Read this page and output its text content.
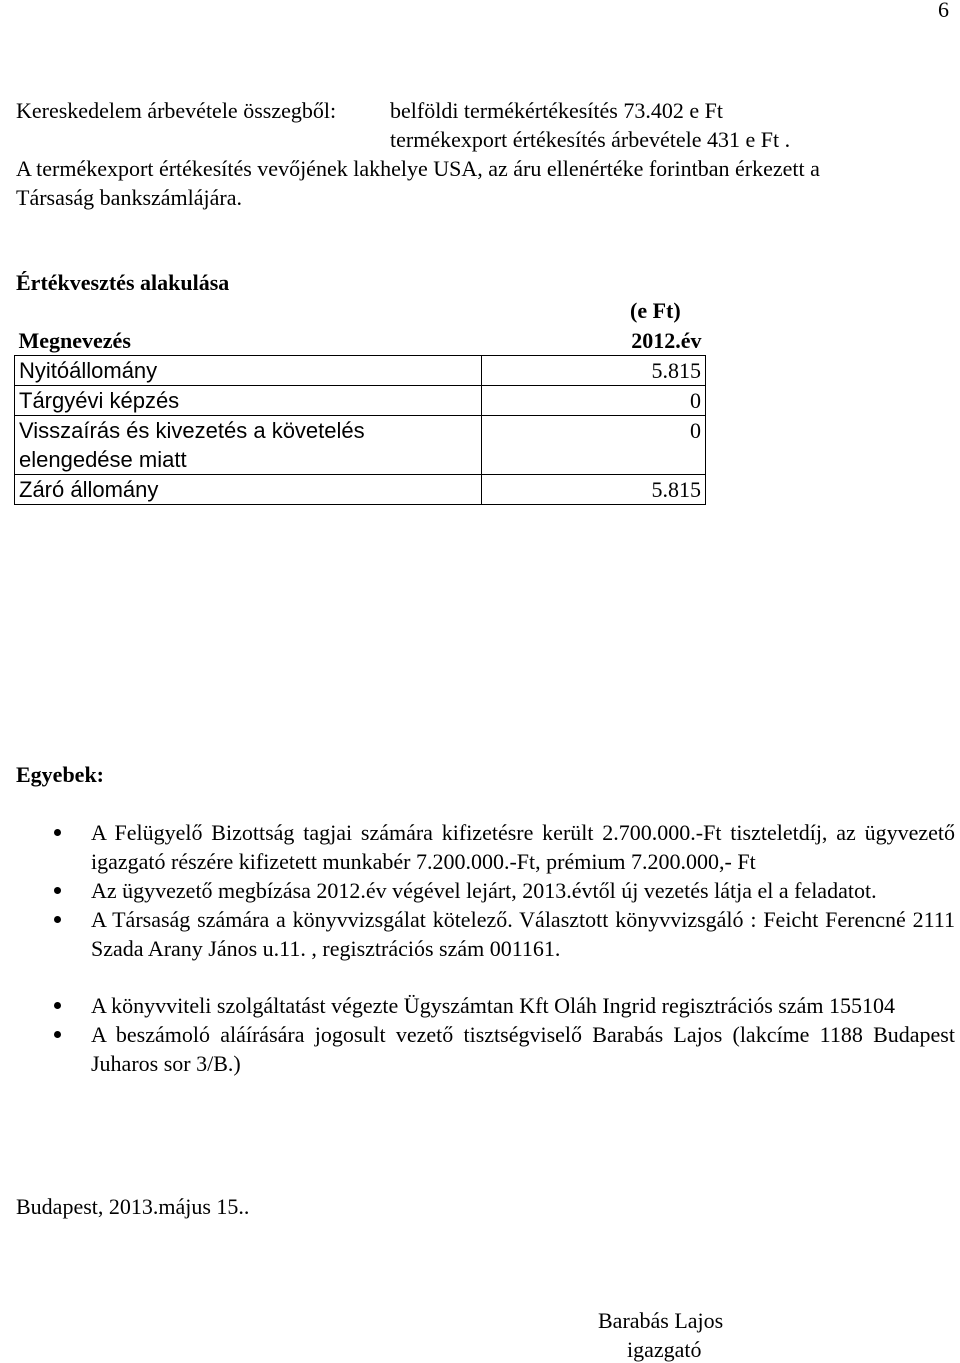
6
Kereskedelem árbevétele összegből: belföldi termékértékesítés 73.402 e Ft
termékexport értékesítés árbevétele 431 e Ft .
A termékexport értékesítés vevőjének lakhelye USA, az áru ellenértéke forintban érkezett a
Társaság bankszámlájára.
Értékvesztés alakulása
(e Ft)
Megnevezés	2012.év
Nyitóállomány	5.815
Tárgyévi képzés	0

Visszaírás és kivezetés a követelés
elengedése miatt	0
Záró állomány	5.815
Egyebek:
A Felügyelő Bizottság tagjai számára kifizetésre került 2.700.000.-Ft tiszteletdíj, az ügyvezető igazgató részére kifizetett munkabér 7.200.000.-Ft, prémium 7.200.000,- Ft
Az ügyvezető megbízása 2012.év végével lejárt, 2013.évtől új vezetés látja el a feladatot.
A Társaság számára a könyvvizsgálat kötelező. Választott könyvvizsgáló : Feicht Ferencné 2111 Szada Arany János u.11. , regisztrációs szám 001161.
A könyvviteli szolgáltatást végezte Ügyszámtan Kft Oláh Ingrid regisztrációs szám 155104
A beszámoló aláírására jogosult vezető tisztségviselő Barabás Lajos (lakcíme 1188 Budapest Juharos sor 3/B.)
Budapest, 2013.május 15..
Barabás Lajos
igazgató
